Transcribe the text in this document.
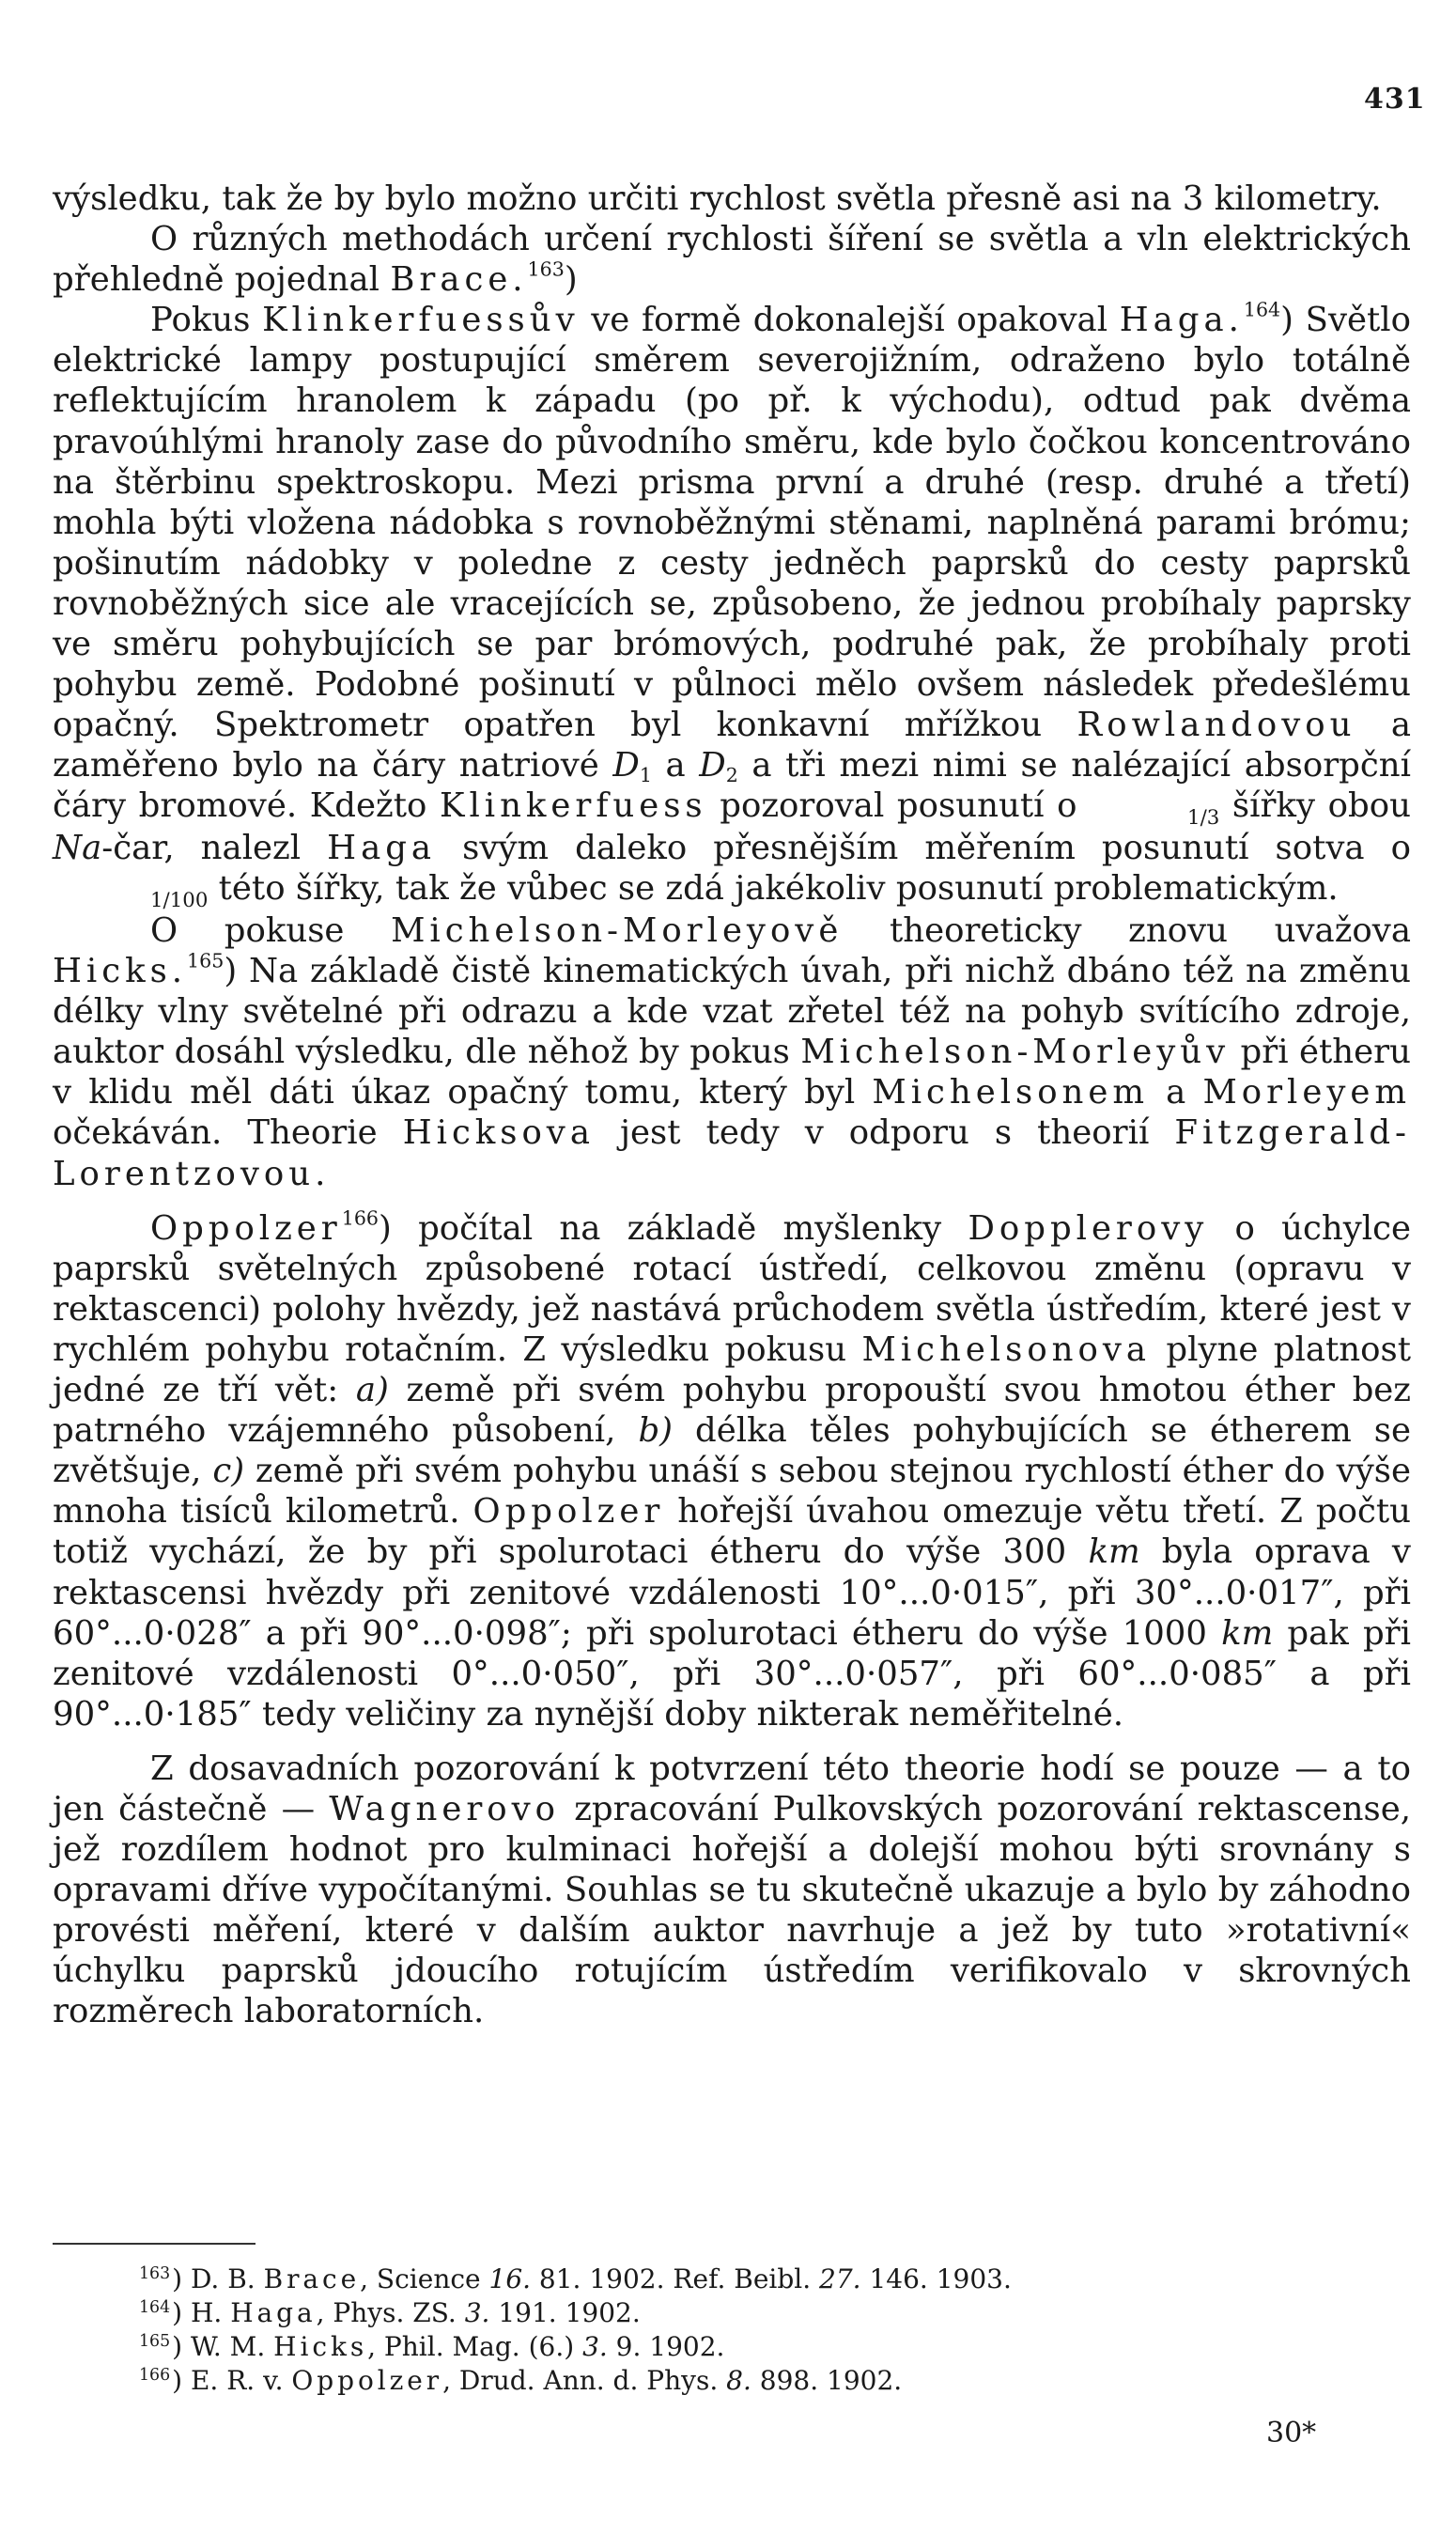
431

výsledku, tak že by bylo možno určiti rychlost světla přesně asi na 3 kilometry.

O různých methodách určení rychlosti šíření se světla a vln elektrických přehledně pojednal Brace.$^{163}$)

Pokus Klinkerfuessův ve formě dokonalejší opakoval Haga.$^{164}$) Světlo elektrické lampy postupující směrem severojižním, odraženo bylo totálně reflektujícím hranolem k západu (po př. k východu), odtud pak dvěma pravoúhlými hranoly zase do původního směru, kde bylo čočkou koncentrováno na štěrbinu spektroskopu. Mezi prisma první a druhé (resp. druhé a třetí) mohla býti vložena nádobka s rovnoběžnými stěnami, naplněná parami brómu; pošinutím nádobky v poledne z cesty jedněch paprsků do cesty paprsků rovnoběžných sice ale vracejících se, způsobeno, že jednou probíhaly paprsky ve směru pohybujících se par brómových, podruhé pak, že probíhaly proti pohybu země. Podobné pošinutí v půlnoci mělo ovšem následek předešlému opačný. Spektrometr opatřen byl konkavní mřížkou Rowlandovou a zaměřeno bylo na čáry natriové $D_1$ a $D_2$ a tři mezi nimi se nalézající absorpční čáry bromové. Kdežto Klinkerfuess pozoroval posunutí o	1/3 šířky obou Na-čar, nalezl Haga svým daleko přesnějším měřením posunutí sotva o 1/100 této šířky, tak že vůbec se zdá jakékoliv posunutí problematickým.

O pokuse Michelson-Morleyově theoreticky znovu uvažova Hicks.$^{165}$) Na základě čistě kinematických úvah, při nichž dbáno též na změnu délky vlny světelné při odrazu a kde vzat zřetel též na pohyb svítícího zdroje, auktor dosáhl výsledku, dle něhož by pokus Michelson-Morleyův při étheru v klidu měl dáti úkaz opačný tomu, který byl Michelsonem a Morleyem očekáván. Theorie Hicksova jest tedy v odporu s theorií Fitzgerald-Lorentzovou.

Oppolzer$^{166}$) počítal na základě myšlenky Dopplerovy o úchylce paprsků světelných způsobené rotací ústředí, celkovou změnu (opravu v rektascenci) polohy hvězdy, jež nastává průchodem světla ústředím, které jest v rychlém pohybu rotačním. Z výsledku pokusu Michelsonova plyne platnost jedné ze tří vět: a) země při svém pohybu propouští svou hmotou éther bez patrného vzájemného působení, b) délka těles pohybujících se étherem se zvětšuje, c) země při svém pohybu unáší s sebou stejnou rychlostí éther do výše mnoha tisíců kilometrů. Oppolzer hořejší úvahou omezuje větu třetí. Z počtu totiž vychází, že by při spolurotaci étheru do výše 300 km byla oprava v rektascensi hvězdy při zenitové vzdálenosti 10°...0·015″, při 30°...0·017″, při 60°...0·028″ a při 90°...0·098″; při spolurotaci étheru do výše 1000 km pak při zenitové vzdálenosti 0°...0·050″, při 30°...0·057″, při 60°...0·085″ a při 90°...0·185″ tedy veličiny za nynější doby nikterak neměřitelné.

Z dosavadních pozorování k potvrzení této theorie hodí se pouze — a to jen částečně — Wagnerovo zpracování Pulkovských pozorování rektascense, jež rozdílem hodnot pro kulminaci hořejší a dolejší mohou býti srovnány s opravami dříve vypočítanými. Souhlas se tu skutečně ukazuje a bylo by záhodno provésti měření, které v dalším auktor navrhuje a jež by tuto »rotativní« úchylku paprsků jdoucího rotujícím ústředím verifikovalo v skrovných rozměrech laboratorních.

$^{163}$) D. B. Brace, Science 16. 81. 1902. Ref. Beibl. 27. 146. 1903.
$^{164}$) H. Haga, Phys. ZS. 3. 191. 1902.
$^{165}$) W. M. Hicks, Phil. Mag. (6.) 3. 9. 1902.
$^{166}$) E. R. v. Oppolzer, Drud. Ann. d. Phys. 8. 898. 1902.
30*
